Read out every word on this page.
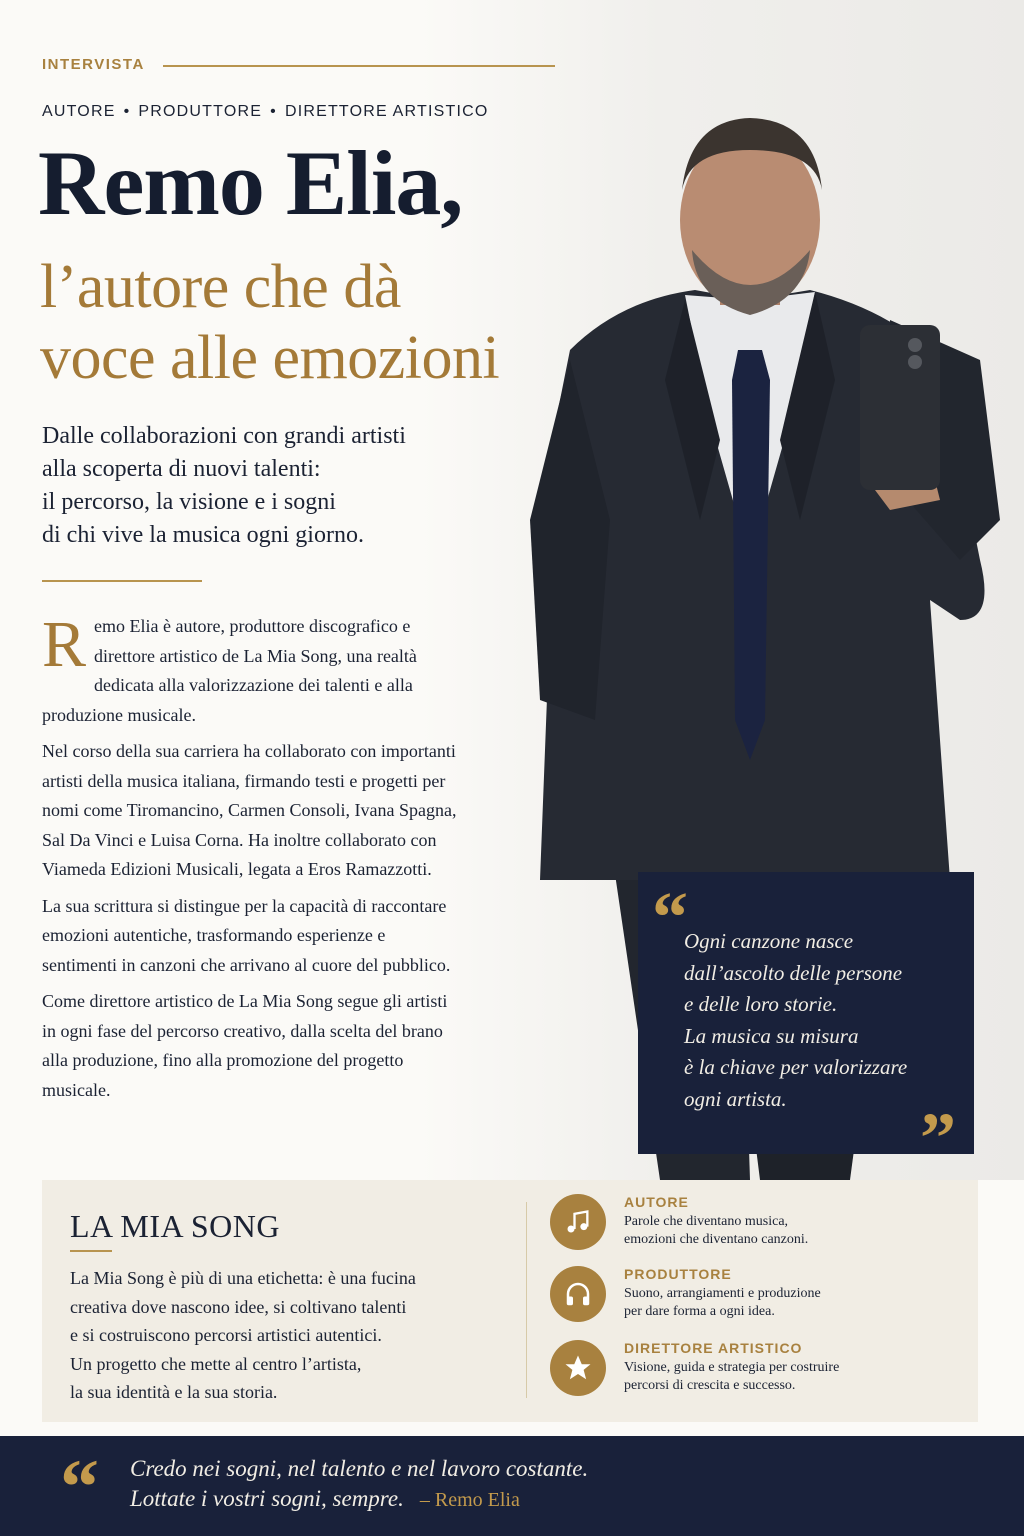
INTERVISTA
AUTORE • PRODUTTORE • DIRETTORE ARTISTICO
Remo Elia,
l’autore che dà
voce alle emozioni
Dalle collaborazioni con grandi artisti
alla scoperta di nuovi talenti:
il percorso, la visione e i sogni
di chi vive la musica ogni giorno.

Remo Elia è autore, produttore discografico e direttore artistico de La Mia Song, una realtà dedicata alla valorizzazione dei talenti e alla produzione musicale.

Nel corso della sua carriera ha collaborato con importanti artisti della musica italiana, firmando testi e progetti per nomi come Tiromancino, Carmen Consoli, Ivana Spagna, Sal Da Vinci e Luisa Corna. Ha inoltre collaborato con Viameda Edizioni Musicali, legata a Eros Ramazzotti.

La sua scrittura si distingue per la capacità di raccontare emozioni autentiche, trasformando esperienze e sentimenti in canzoni che arrivano al cuore del pubblico.

Come direttore artistico de La Mia Song segue gli artisti in ogni fase del percorso creativo, dalla scelta del brano alla produzione, fino alla promozione del progetto musicale.

“
Ogni canzone nasce
dall’ascolto delle persone
e delle loro storie.
La musica su misura
è la chiave per valorizzare
ogni artista.	”
LA MIA SONG
La Mia Song è più di una etichetta: è una fucina
creativa dove nascono idee, si coltivano talenti
e si costruiscono percorsi artistici autentici.
Un progetto che mette al centro l’artista,
la sua identità e la sua storia.
AUTORE
Parole che diventano musica,
emozioni che diventano canzoni.
PRODUTTORE
Suono, arrangiamenti e produzione
per dare forma a ogni idea.
DIRETTORE ARTISTICO
Visione, guida e strategia per costruire
percorsi di crescita e successo.
“ Credo nei sogni, nel talento e nel lavoro costante.
Lottate i vostri sogni, sempre. – Remo Elia
